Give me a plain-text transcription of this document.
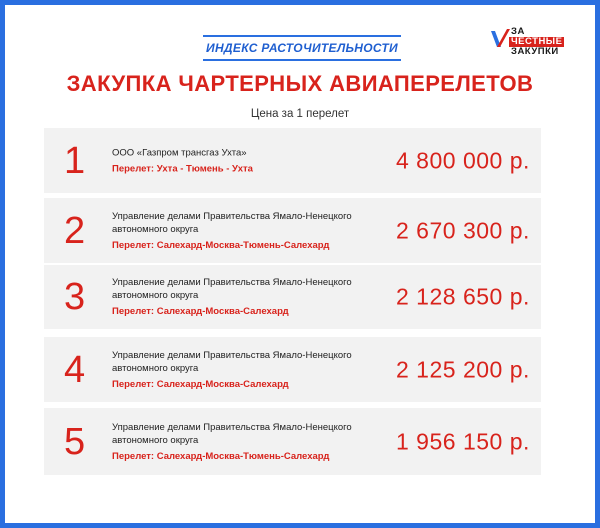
ИНДЕКС РАСТОЧИТЕЛЬНОСТИ
ЗА
ЧЕСТНЫЕ
ЗАКУПКИ
ЗАКУПКА ЧАРТЕРНЫХ АВИАПЕРЕЛЕТОВ
Цена за 1 перелет
1	ООО «Газпром трансгаз Ухта»
Перелет: Ухта - Тюмень - Ухта	4 800 000 р.
2	Управление делами Правительства Ямало-Ненецкого автономного округа
Перелет: Салехард-Москва-Тюмень-Салехард
2 670 300 р.
3	Управление делами Правительства Ямало-Ненецкого автономного округа
Перелет: Салехард-Москва-Салехард
2 128 650 р.
4	Управление делами Правительства Ямало-Ненецкого автономного округа
Перелет: Салехард-Москва-Салехард
2 125 200 р.
5	Управление делами Правительства Ямало-Ненецкого автономного округа
Перелет: Салехард-Москва-Тюмень-Салехард
1 956 150 р.
